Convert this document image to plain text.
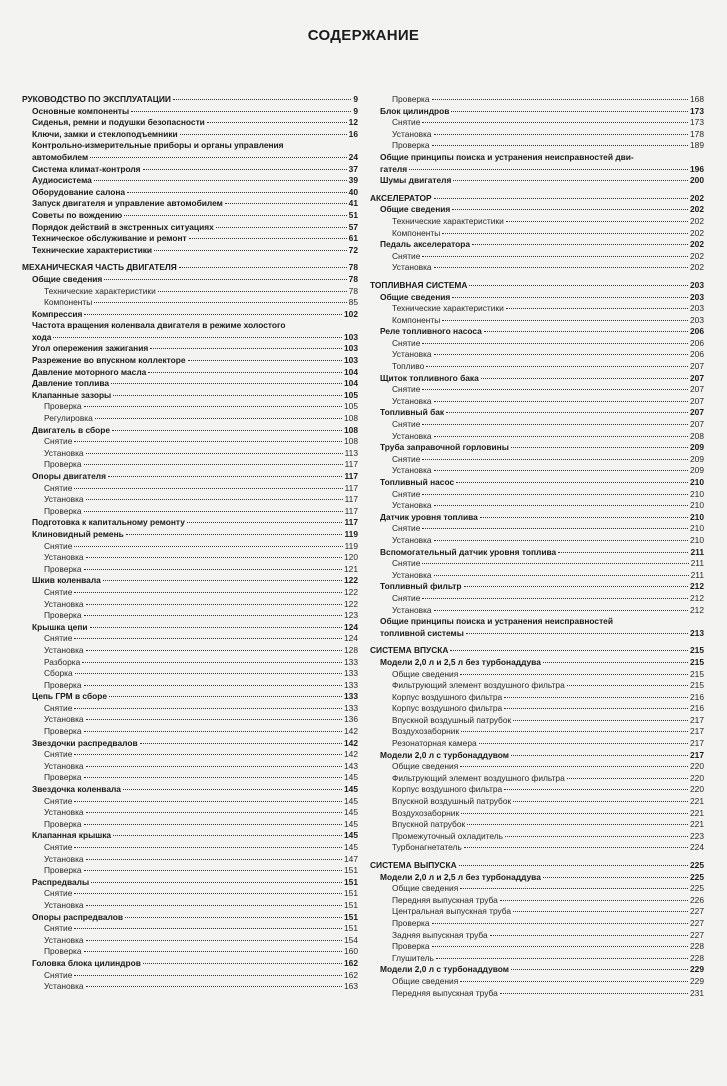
СОДЕРЖАНИЕ
РУКОВОДСТВО ПО ЭКСПЛУАТАЦИИ	9
Основные компоненты	9
Сиденья, ремни и подушки безопасности	12
Ключи, замки и стеклоподъемники	16
Контрольно-измерительные приборы и органы управления
автомобилем	24
Система климат-контроля	37
Аудиосистема	39
Оборудование салона	40
Запуск двигателя и управление автомобилем	41
Советы по вождению	51
Порядок действий в экстренных ситуациях	57
Техническое обслуживание и ремонт	61
Технические характеристики	72
МЕХАНИЧЕСКАЯ ЧАСТЬ ДВИГАТЕЛЯ	78
Общие сведения	78
Технические характеристики	78
Компоненты	85
Компрессия	102
Частота вращения коленвала двигателя в режиме холостого
хода	103
Угол опережения зажигания	103
Разрежение во впускном коллекторе	103
Давление моторного масла	104
Давление топлива	104
Клапанные зазоры	105
Проверка	105
Регулировка	108
Двигатель в сборе	108
Снятие	108
Установка	113
Проверка	117
Опоры двигателя	117
Снятие	117
Установка	117
Проверка	117
Подготовка к капитальному ремонту	117
Клиновидный ремень	119
Снятие	119
Установка	120
Проверка	121
Шкив коленвала	122
Снятие	122
Установка	122
Проверка	123
Крышка цепи	124
Снятие	124
Установка	128
Разборка	133
Сборка	133
Проверка	133
Цепь ГРМ в сборе	133
Снятие	133
Установка	136
Проверка	142
Звездочки распредвалов	142
Снятие	142
Установка	143
Проверка	145
Звездочка коленвала	145
Снятие	145
Установка	145
Проверка	145
Клапанная крышка	145
Снятие	145
Установка	147
Проверка	151
Распредвалы	151
Снятие	151
Установка	151
Опоры распредвалов	151
Снятие	151
Установка	154
Проверка	160
Головка блока цилиндров	162
Снятие	162
Установка	163
Проверка	168
Блок цилиндров	173
Снятие	173
Установка	178
Проверка	189
Общие принципы поиска и устранения неисправностей дви-
гателя	196
Шумы двигателя	200
АКСЕЛЕРАТОР	202
Общие сведения	202
Технические характеристики	202
Компоненты	202
Педаль акселератора	202
Снятие	202
Установка	202
ТОПЛИВНАЯ СИСТЕМА	203
Общие сведения	203
Технические характеристики	203
Компоненты	203
Реле топливного насоса	206
Снятие	206
Установка	206
Топливо	207
Щиток топливного бака	207
Снятие	207
Установка	207
Топливный бак	207
Снятие	207
Установка	208
Труба заправочной горловины	209
Снятие	209
Установка	209
Топливный насос	210
Снятие	210
Установка	210
Датчик уровня топлива	210
Снятие	210
Установка	210
Вспомогательный датчик уровня топлива	211
Снятие	211
Установка	211
Топливный фильтр	212
Снятие	212
Установка	212
Общие принципы поиска и устранения неисправностей
топливной системы	213
СИСТЕМА ВПУСКА	215
Модели 2,0 л и 2,5 л без турбонаддува	215
Общие сведения	215
Фильтрующий элемент воздушного фильтра	215
Корпус воздушного фильтра	216
Корпус воздушного фильтра	216
Впускной воздушный патрубок	217
Воздухозаборник	217
Резонаторная камера	217
Модели 2,0 л с турбонаддувом	217
Общие сведения	220
Фильтрующий элемент воздушного фильтра	220
Корпус воздушного фильтра	220
Впускной воздушный патрубок	221
Воздухозаборник	221
Впускной патрубок	221
Промежуточный охладитель	223
Турбонагнетатель	224
СИСТЕМА ВЫПУСКА	225
Модели 2,0 л и 2,5 л без турбонаддува	225
Общие сведения	225
Передняя выпускная труба	226
Центральная выпускная труба	227
Проверка	227
Задняя выпускная труба	227
Проверка	228
Глушитель	228
Модели 2,0 л с турбонаддувом	229
Общие сведения	229
Передняя выпускная труба	231
